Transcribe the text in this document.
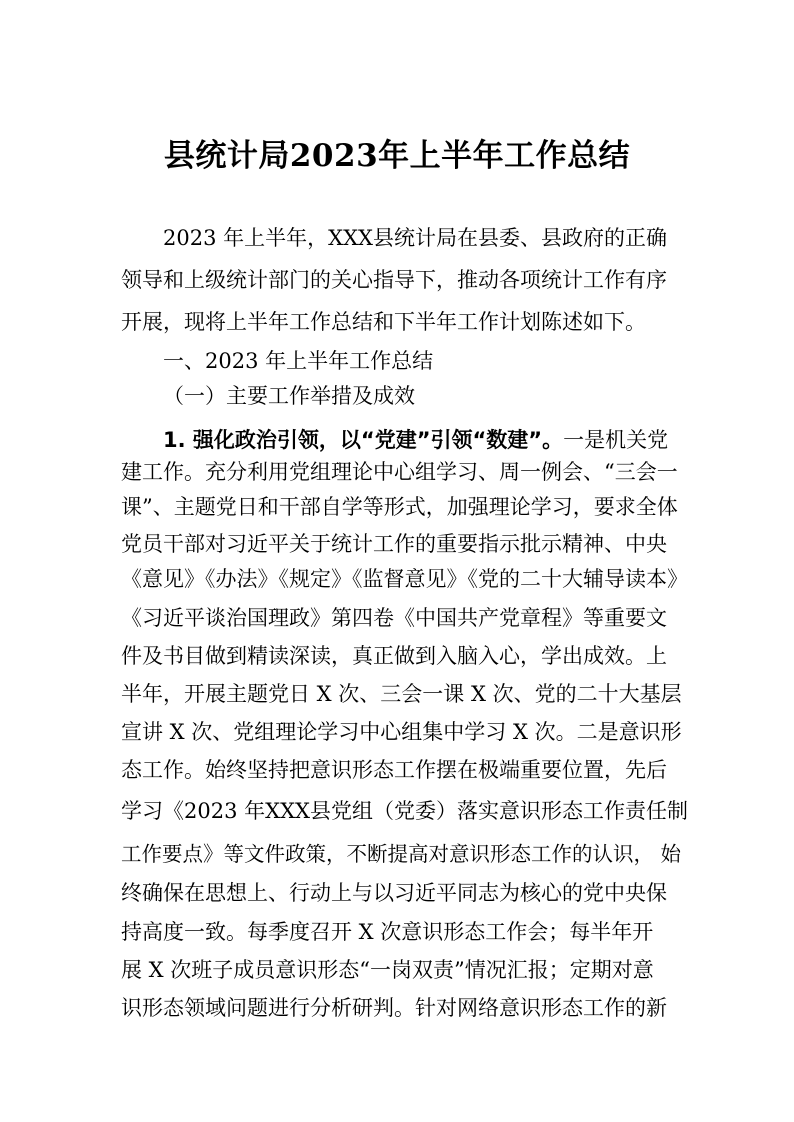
县统计局2023年上半年工作总结
2023 年上半年，XXX县统计局在县委、县政府的正确
领导和上级统计部门的关心指导下，推动各项统计工作有序
开展，现将上半年工作总结和下半年工作计划陈述如下。
一、2023 年上半年工作总结
（一）主要工作举措及成效
1. 强化政治引领，以“党建”引领“数建”。一是机关党
建工作。充分利用党组理论中心组学习、周一例会、“三会一
课”、主题党日和干部自学等形式，加强理论学习，要求全体
党员干部对习近平关于统计工作的重要指示批示精神、中央
《意见》《办法》《规定》《监督意见》《党的二十大辅导读本》
《习近平谈治国理政》第四卷《中国共产党章程》等重要文
件及书目做到精读深读，真正做到入脑入心，学出成效。上
半年，开展主题党日 X 次、三会一课 X 次、党的二十大基层
宣讲 X 次、党组理论学习中心组集中学习 X 次。二是意识形
态工作。始终坚持把意识形态工作摆在极端重要位置，先后
学习《2023 年XXX县党组（党委）落实意识形态工作责任制
工作要点》等文件政策，不断提高对意识形态工作的认识， 始
终确保在思想上、行动上与以习近平同志为核心的党中央保
持高度一致。每季度召开 X 次意识形态工作会；每半年开
展 X 次班子成员意识形态“一岗双责”情况汇报；定期对意
识形态领域问题进行分析研判。针对网络意识形态工作的新
